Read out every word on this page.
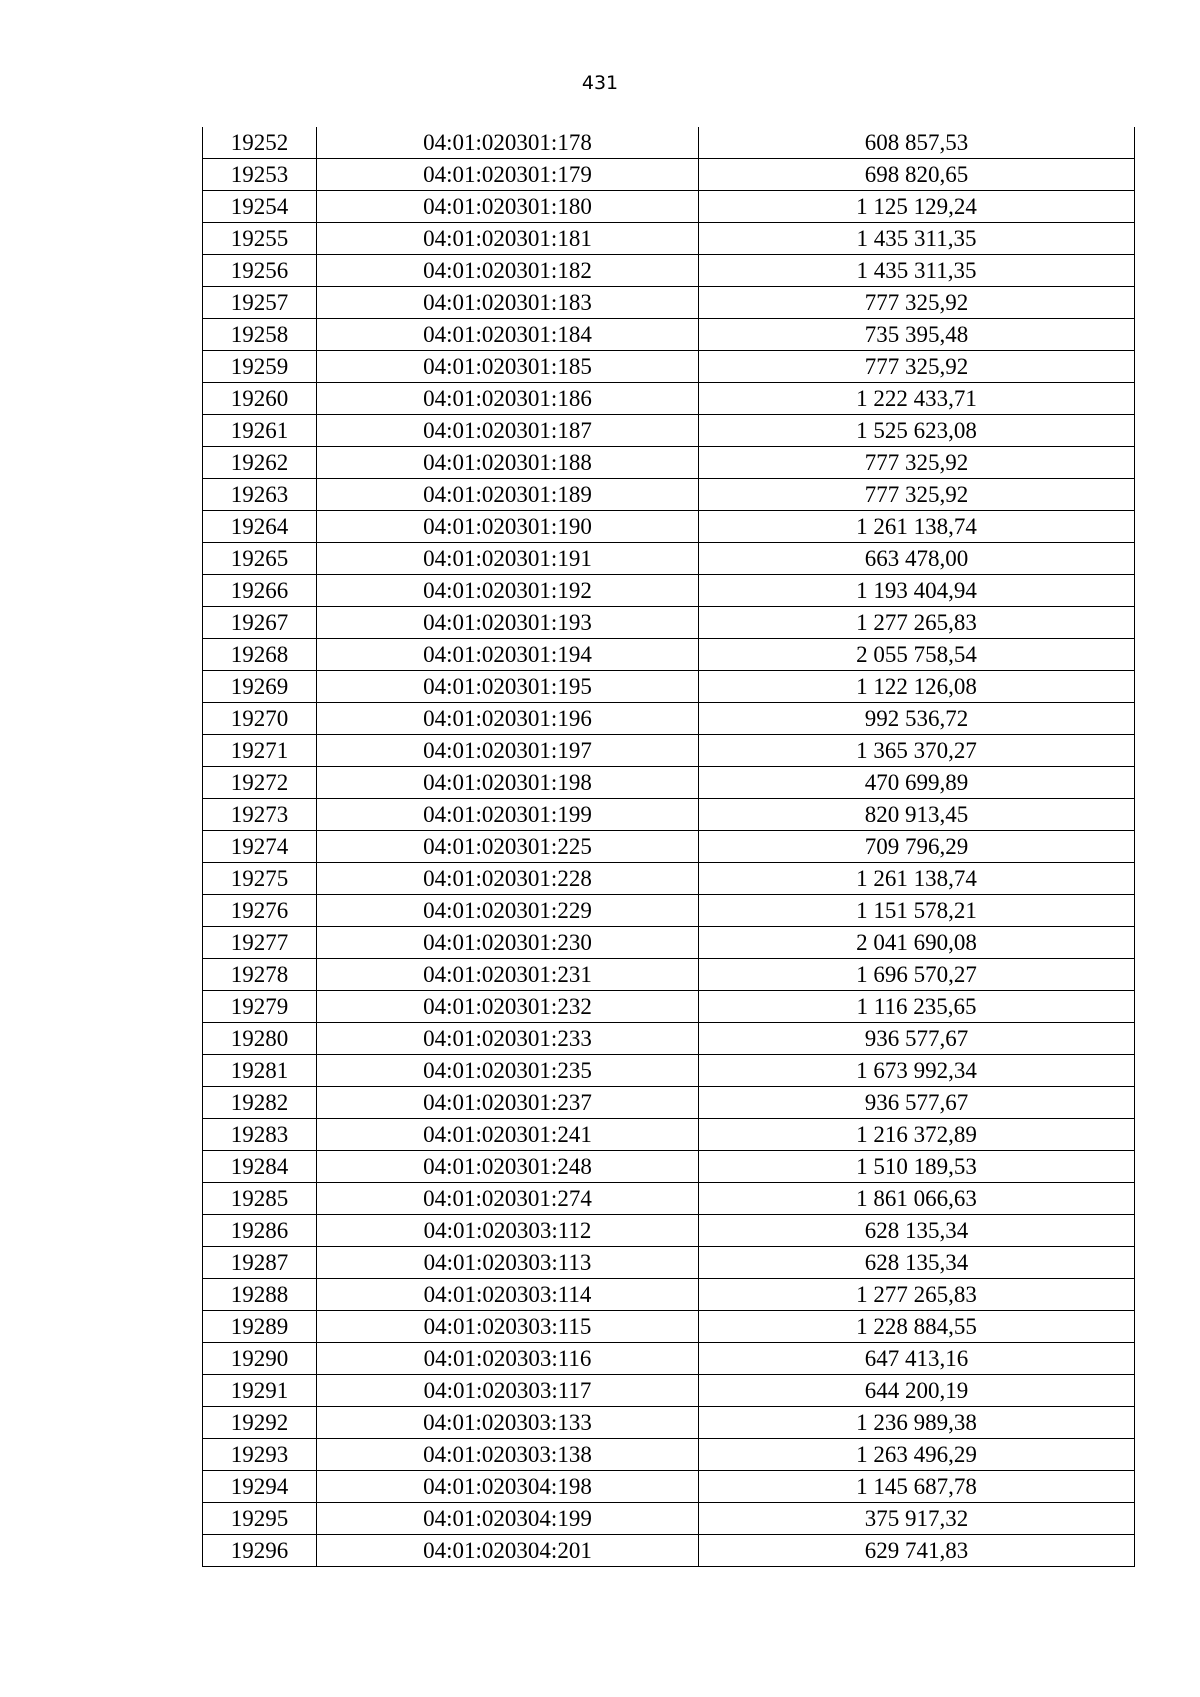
431
19252	04:01:020301:178	608 857,53
19253	04:01:020301:179	698 820,65
19254	04:01:020301:180	1 125 129,24
19255	04:01:020301:181	1 435 311,35
19256	04:01:020301:182	1 435 311,35
19257	04:01:020301:183	777 325,92
19258	04:01:020301:184	735 395,48
19259	04:01:020301:185	777 325,92
19260	04:01:020301:186	1 222 433,71
19261	04:01:020301:187	1 525 623,08
19262	04:01:020301:188	777 325,92
19263	04:01:020301:189	777 325,92
19264	04:01:020301:190	1 261 138,74
19265	04:01:020301:191	663 478,00
19266	04:01:020301:192	1 193 404,94
19267	04:01:020301:193	1 277 265,83
19268	04:01:020301:194	2 055 758,54
19269	04:01:020301:195	1 122 126,08
19270	04:01:020301:196	992 536,72
19271	04:01:020301:197	1 365 370,27
19272	04:01:020301:198	470 699,89
19273	04:01:020301:199	820 913,45
19274	04:01:020301:225	709 796,29
19275	04:01:020301:228	1 261 138,74
19276	04:01:020301:229	1 151 578,21
19277	04:01:020301:230	2 041 690,08
19278	04:01:020301:231	1 696 570,27
19279	04:01:020301:232	1 116 235,65
19280	04:01:020301:233	936 577,67
19281	04:01:020301:235	1 673 992,34
19282	04:01:020301:237	936 577,67
19283	04:01:020301:241	1 216 372,89
19284	04:01:020301:248	1 510 189,53
19285	04:01:020301:274	1 861 066,63
19286	04:01:020303:112	628 135,34
19287	04:01:020303:113	628 135,34
19288	04:01:020303:114	1 277 265,83
19289	04:01:020303:115	1 228 884,55
19290	04:01:020303:116	647 413,16
19291	04:01:020303:117	644 200,19
19292	04:01:020303:133	1 236 989,38
19293	04:01:020303:138	1 263 496,29
19294	04:01:020304:198	1 145 687,78
19295	04:01:020304:199	375 917,32
19296	04:01:020304:201	629 741,83
